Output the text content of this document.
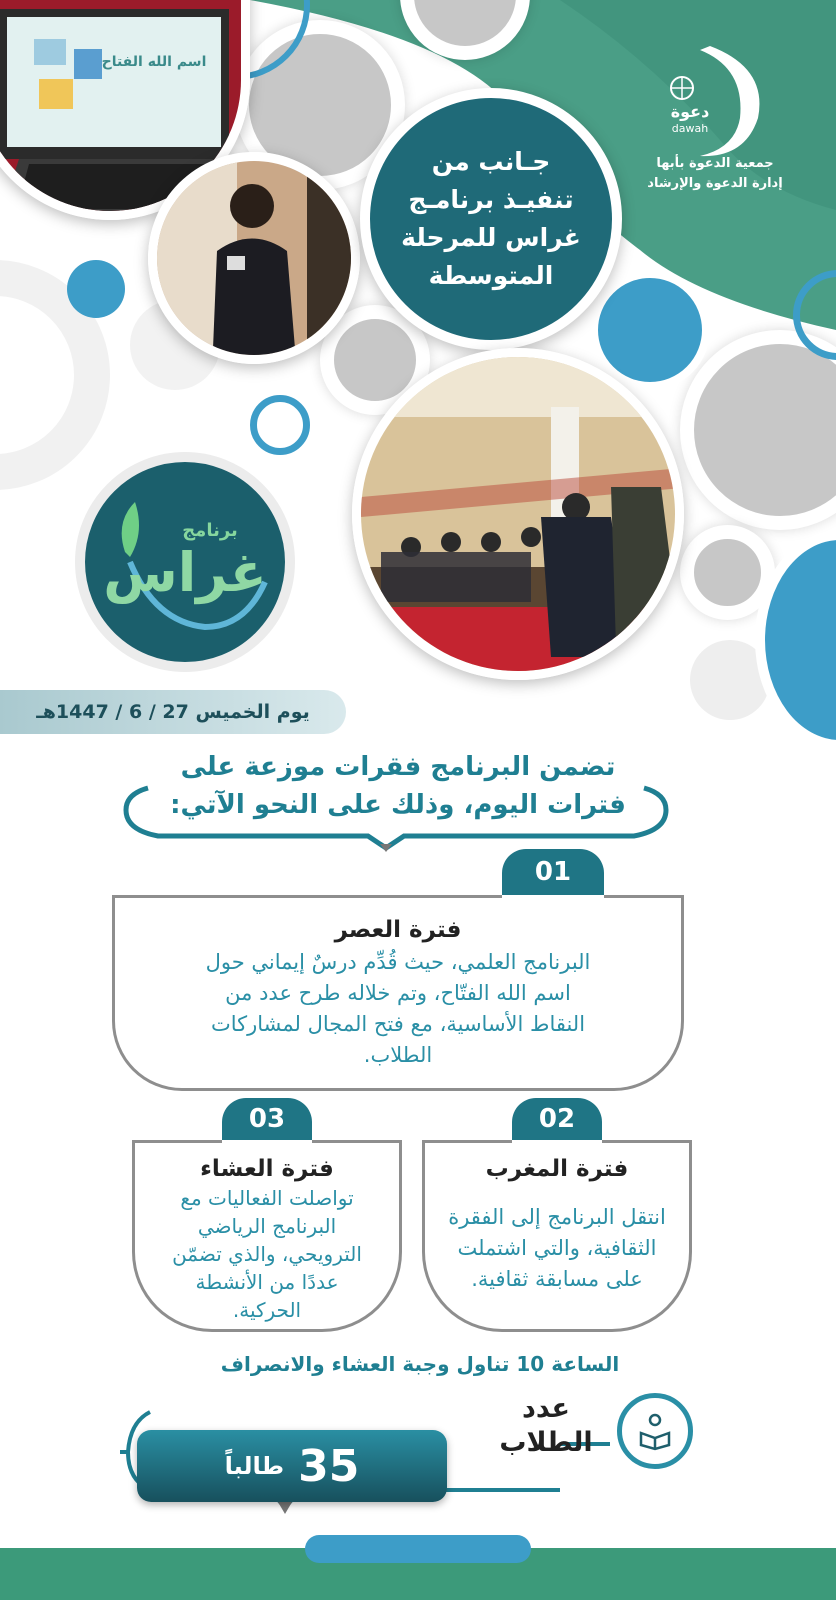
اسم الله الفتاح
جـانب من
تنفيـذ برنامـج
غراس للمرحلة
المتوسطة
دعوة
dawah
جمعية الدعوة بأبها
إدارة الدعوة والإرشاد
برنامج
غراس
يوم الخميس 27 / 6 / 1447هـ
تضمن البرنامج فقرات موزعة على
فترات اليوم، وذلك على النحو الآتي:
01
فترة العصر
البرنامج العلمي، حيث قُدِّم درسٌ إيماني حول
اسم الله الفتّاح، وتم خلاله طرح عدد من
النقاط الأساسية، مع فتح المجال لمشاركات
الطلاب.
02
فترة المغرب
انتقل البرنامج إلى الفقرة
الثقافية، والتي اشتملت
على مسابقة ثقافية.
03
فترة العشاء
تواصلت الفعاليات مع
البرنامج الرياضي
الترويحي، والذي تضمّن
عددًا من الأنشطة
الحركية.
الساعة 10 تناول وجبة العشاء والانصراف
عدد
الطلاب
35
طالباً
